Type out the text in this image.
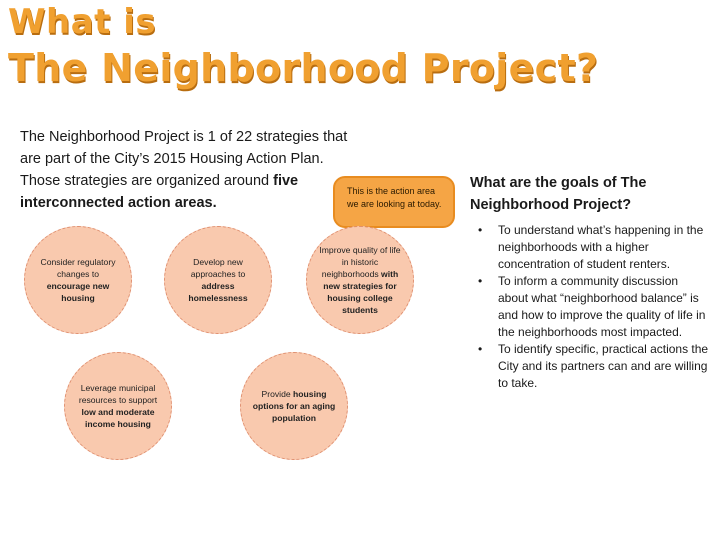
What is
The Neighborhood Project?
The Neighborhood Project is 1 of 22 strategies that are part of the City’s 2015 Housing Action Plan. Those strategies are organized around five interconnected action areas.
This is the action area we are looking at today.
Consider regulatory changes to encourage new housing
Develop new approaches to address homelessness
Improve quality of life in historic neighborhoods with new strategies for housing college students
Leverage municipal resources to support low and moderate income housing
Provide housing options for an aging population
What are the goals of The Neighborhood Project?
• To understand what’s happening in the neighborhoods with a higher concentration of student renters.
• To inform a community discussion about what “neighborhood balance” is and how to improve the quality of life in the neighborhoods most impacted.
• To identify specific, practical actions the City and its partners can and are willing to take.
